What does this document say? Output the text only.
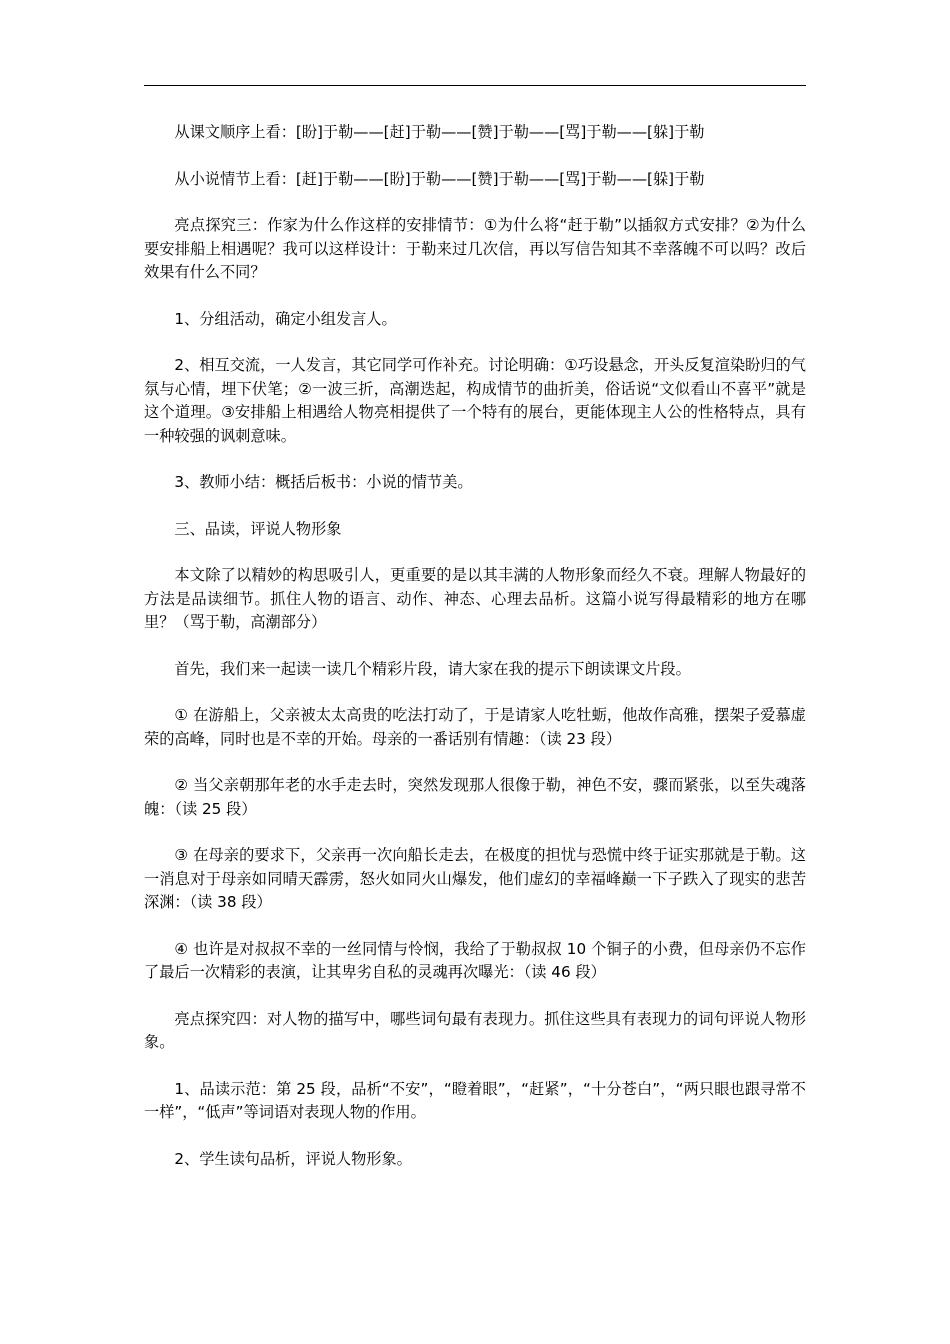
从课文顺序上看：[盼]于勒——[赶]于勒——[赞]于勒——[骂]于勒——[躲]于勒

从小说情节上看：[赶]于勒——[盼]于勒——[赞]于勒——[骂]于勒——[躲]于勒

亮点探究三：作家为什么作这样的安排情节：①为什么将“赶于勒”以插叙方式安排？②为什么要安排船上相遇呢？我可以这样设计：于勒来过几次信，再以写信告知其不幸落魄不可以吗？改后效果有什么不同？

1、分组活动，确定小组发言人。

2、相互交流，一人发言，其它同学可作补充。讨论明确：①巧设悬念，开头反复渲染盼归的气氛与心情，埋下伏笔；②一波三折，高潮迭起，构成情节的曲折美，俗话说“文似看山不喜平”就是这个道理。③安排船上相遇给人物亮相提供了一个特有的展台，更能体现主人公的性格特点，具有一种较强的讽刺意味。

3、教师小结：概括后板书：小说的情节美。

三、品读，评说人物形象

本文除了以精妙的构思吸引人，更重要的是以其丰满的人物形象而经久不衰。理解人物最好的方法是品读细节。抓住人物的语言、动作、神态、心理去品析。这篇小说写得最精彩的地方在哪里？（骂于勒，高潮部分）

首先，我们来一起读一读几个精彩片段，请大家在我的提示下朗读课文片段。

① 在游船上，父亲被太太高贵的吃法打动了，于是请家人吃牡蛎，他故作高雅，摆架子爱慕虚荣的高峰，同时也是不幸的开始。母亲的一番话别有情趣：（读 23 段）

② 当父亲朝那年老的水手走去时，突然发现那人很像于勒，神色不安，骤而紧张，以至失魂落魄：（读 25 段）

③ 在母亲的要求下，父亲再一次向船长走去，在极度的担忧与恐慌中终于证实那就是于勒。这一消息对于母亲如同晴天霹雳，怒火如同火山爆发，他们虚幻的幸福峰巅一下子跌入了现实的悲苦深渊：（读 38 段）

④ 也许是对叔叔不幸的一丝同情与怜悯，我给了于勒叔叔 10 个铜子的小费，但母亲仍不忘作了最后一次精彩的表演，让其卑劣自私的灵魂再次曝光：（读 46 段）

亮点探究四：对人物的描写中，哪些词句最有表现力。抓住这些具有表现力的词句评说人物形象。

1、品读示范：第 25 段，品析“不安”，“瞪着眼”，“赶紧”，“十分苍白”，“两只眼也跟寻常不一样”，“低声”等词语对表现人物的作用。

2、学生读句品析，评说人物形象。
